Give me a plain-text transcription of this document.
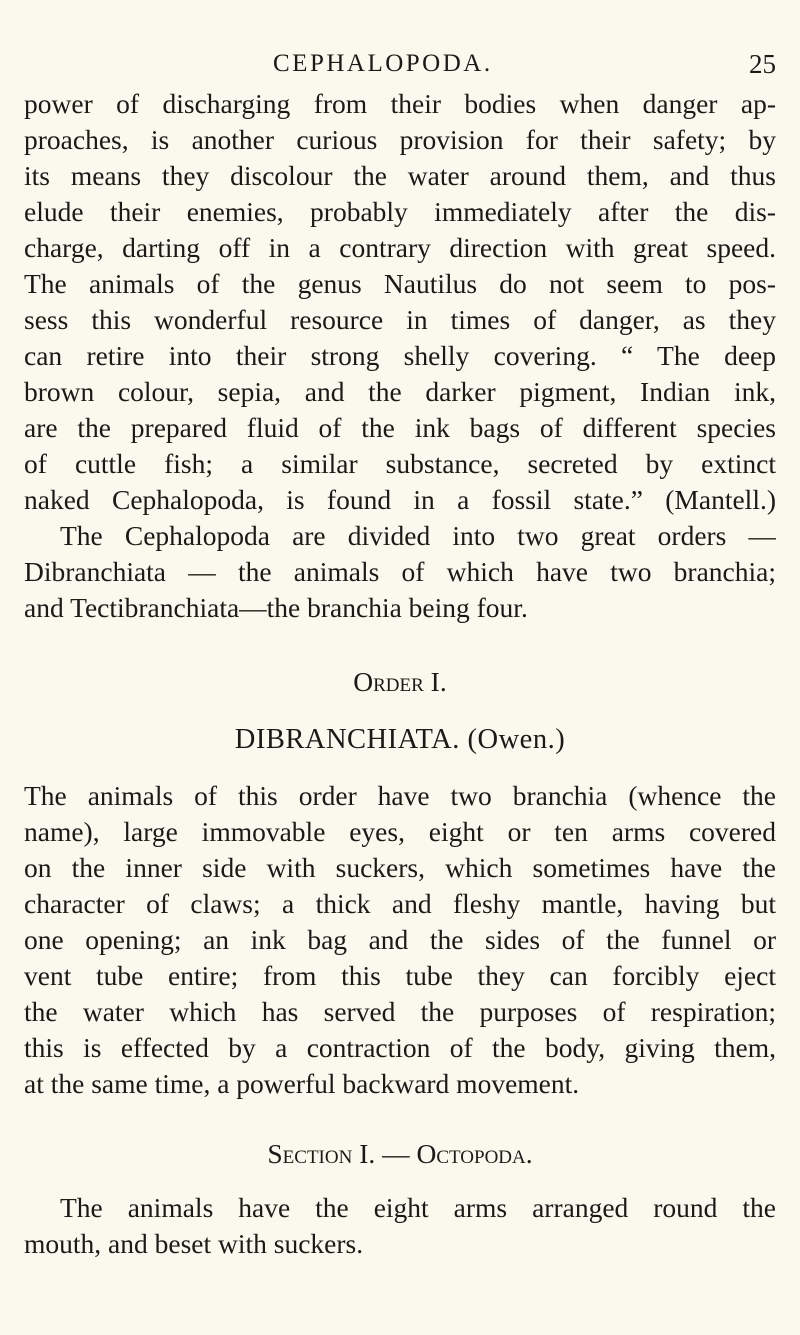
CEPHALOPODA.	25
power of discharging from their bodies when danger ap-
proaches, is another curious provision for their safety; by
its means they discolour the water around them, and thus
elude their enemies, probably immediately after the dis-
charge, darting off in a contrary direction with great speed.
The animals of the genus Nautilus do not seem to pos-
sess this wonderful resource in times of danger, as they
can retire into their strong shelly covering. “ The deep
brown colour, sepia, and the darker pigment, Indian ink,
are the prepared fluid of the ink bags of different species
of cuttle fish; a similar substance, secreted by extinct
naked Cephalopoda, is found in a fossil state.” (Mantell.)
The Cephalopoda are divided into two great orders —
Dibranchiata — the animals of which have two branchia;
and Tectibranchiata—the branchia being four.
Order I.
DIBRANCHIATA. (Owen.)
The animals of this order have two branchia (whence the
name), large immovable eyes, eight or ten arms covered
on the inner side with suckers, which sometimes have the
character of claws; a thick and fleshy mantle, having but
one opening; an ink bag and the sides of the funnel or
vent tube entire; from this tube they can forcibly eject
the water which has served the purposes of respiration;
this is effected by a contraction of the body, giving them,
at the same time, a powerful backward movement.
Section I. — Octopoda.
The animals have the eight arms arranged round the
mouth, and beset with suckers.
